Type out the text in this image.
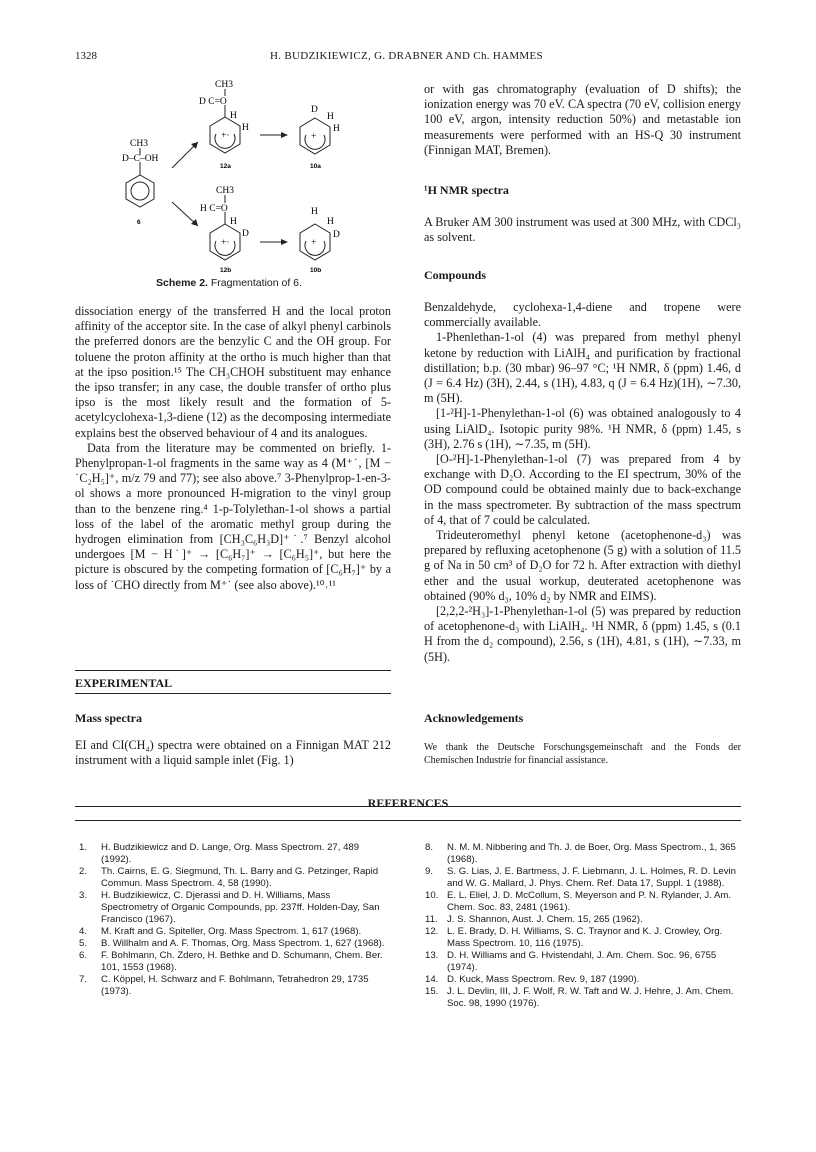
1328	H. BUDZIKIEWICZ, G. DRABNER AND Ch. HAMMES
+·	+
+·	+
CH3
D C=O
H
H
D
H
H
CH3
D–C–OH
6
12a	10a
CH3
H C=O
H
D
H
H
D
12b	10b
Scheme 2. Fragmentation of 6.

dissociation energy of the transferred H and the local proton affinity of the acceptor site. In the case of alkyl phenyl carbinols the preferred donors are the benzylic C and the OH group. For toluene the proton affinity at the ortho is much higher than that at the ipso position.¹⁵ The CH₃CHOH substituent may enhance the ipso transfer; in any case, the double transfer of ortho plus ipso is the most likely result and the formation of 5-acetylcyclohexa-1,3-diene (12) as the decomposing intermediate explains best the observed behaviour of 4 and its analogues.

Data from the literature may be commented on briefly. 1-Phenylpropan-1-ol fragments in the same way as 4 (M⁺˙, [M − ˙C₂H₅]⁺, m/z 79 and 77); see also above.⁷ 3-Phenylprop-1-en-3-ol shows a more pronounced H-migration to the vinyl group than to the benzene ring.⁴ 1-p-Tolylethan-1-ol shows a partial loss of the label of the aromatic methyl group during the hydrogen elimination from [CH₃C₆H₃D]⁺˙.⁷ Benzyl alcohol undergoes [M − H˙]⁺ → [C₆H₇]⁺ → [C₆H₅]⁺, but here the picture is obscured by the competing formation of [C₆H₇]⁺ by a loss of ˙CHO directly from M⁺˙ (see also above).¹⁰˒¹¹

EXPERIMENTAL
Mass spectra
EI and CI(CH₄) spectra were obtained on a Finnigan MAT 212 instrument with a liquid sample inlet (Fig. 1)

or with gas chromatography (evaluation of D shifts); the ionization energy was 70 eV. CA spectra (70 eV, collision energy 100 eV, argon, intensity reduction 50%) and metastable ion measurements were performed with an HS-Q 30 instrument (Finnigan MAT, Bremen).

¹H NMR spectra
A Bruker AM 300 instrument was used at 300 MHz, with CDCl₃ as solvent.
Compounds

Benzaldehyde, cyclohexa-1,4-diene and tropene were commercially available.

1-Phenlethan-1-ol (4) was prepared from methyl phenyl ketone by reduction with LiAlH₄ and purification by fractional distillation; b.p. (30 mbar) 96–97 °C; ¹H NMR, δ (ppm) 1.46, d (J = 6.4 Hz) (3H), 2.44, s (1H), 4.83, q (J = 6.4 Hz)(1H), ∼7.30, m (5H).

[1-²H]-1-Phenylethan-1-ol (6) was obtained analogously to 4 using LiAlD₄. Isotopic purity 98%. ¹H NMR, δ (ppm) 1.45, s (3H), 2.76 s (1H), ∼7.35, m (5H).

[O-²H]-1-Phenylethan-1-ol (7) was prepared from 4 by exchange with D₂O. According to the EI spectrum, 30% of the OD compound could be obtained mainly due to back-exchange in the mass spectrometer. By subtraction of the mass spectrum of 4, that of 7 could be calculated.

Trideuteromethyl phenyl ketone (acetophenone-d₃) was prepared by refluxing acetophenone (5 g) with a solution of 11.5 g of Na in 50 cm³ of D₂O for 72 h. After extraction with diethyl ether and the usual workup, deuterated acetophenone was obtained (90% d₃, 10% d₂ by NMR and EIMS).

[2,2,2-²H₃]-1-Phenylethan-1-ol (5) was prepared by reduction of acetophenone-d₃ with LiAlH₄. ¹H NMR, δ (ppm) 1.45, s (0.1 H from the d₂ compound), 2.56, s (1H), 4.81, s (1H), ∼7.33, m (5H).

Acknowledgements
We thank the Deutsche Forschungsgemeinschaft and the Fonds der Chemischen Industrie for financial assistance.
REFERENCES
1. H. Budzikiewicz and D. Lange, Org. Mass Spectrom. 27, 489 (1992).
2. Th. Cairns, E. G. Siegmund, Th. L. Barry and G. Petzinger, Rapid Commun. Mass Spectrom. 4, 58 (1990).
3. H. Budzikiewicz, C. Djerassi and D. H. Williams, Mass Spectrometry of Organic Compounds, pp. 237ff. Holden-Day, San Francisco (1967).
4. M. Kraft and G. Spiteller, Org. Mass Spectrom. 1, 617 (1968).
5. B. Willhalm and A. F. Thomas, Org. Mass Spectrom. 1, 627 (1968).
6. F. Bohlmann, Ch. Zdero, H. Bethke and D. Schumann, Chem. Ber. 101, 1553 (1968).
7. C. Köppel, H. Schwarz and F. Bohlmann, Tetrahedron 29, 1735 (1973).
8. N. M. M. Nibbering and Th. J. de Boer, Org. Mass Spectrom., 1, 365 (1968).
9. S. G. Lias, J. E. Bartmess, J. F. Liebmann, J. L. Holmes, R. D. Levin and W. G. Mallard, J. Phys. Chem. Ref. Data 17, Suppl. 1 (1988).
10. E. L. Eliel, J. D. McCollum, S. Meyerson and P. N. Rylander, J. Am. Chem. Soc. 83, 2481 (1961).
11. J. S. Shannon, Aust. J. Chem. 15, 265 (1962).
12. L. E. Brady, D. H. Williams, S. C. Traynor and K. J. Crowley, Org. Mass Spectrom. 10, 116 (1975).
13. D. H. Williams and G. Hvistendahl, J. Am. Chem. Soc. 96, 6755 (1974).
14. D. Kuck, Mass Spectrom. Rev. 9, 187 (1990).
15. J. L. Devlin, III, J. F. Wolf, R. W. Taft and W. J. Hehre, J. Am. Chem. Soc. 98, 1990 (1976).
